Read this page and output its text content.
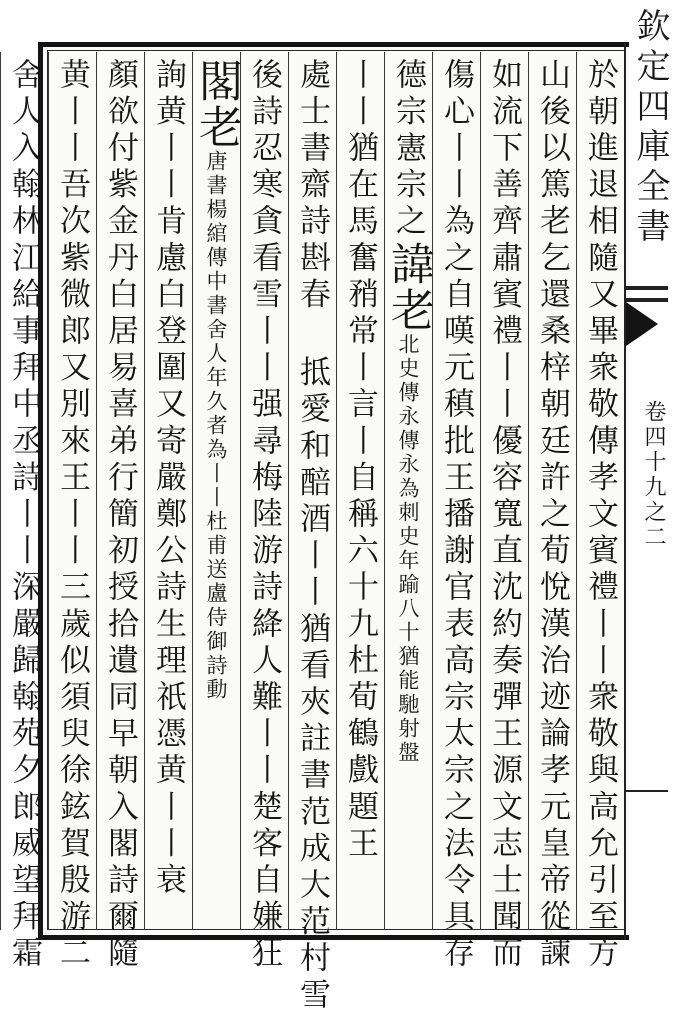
欽定四庫全書
卷四十九之二
於朝進退相隨又畢衆敬傳孝文賓禮丨丨衆敬與高允引至方
山後以篤老乞還桑梓朝廷許之荀悅漢治迹論孝元皇帝從諫
如流下善齊肅賓禮丨丨優容寬直沈約奏彈王源文志士聞而
傷心丨丨為之自嘆元稹批王播謝官表高宗太宗之法令具存
德宗憲宗之諱老北史傳永傳永為刺史年踰八十猶能馳射盤
丨丨猶在馬奮矟常丨言丨自稱六十九杜荀鶴戲題王
處士書齋詩斟春 抵愛和醅酒丨丨猶看夾註書范成大范村雪
後詩忍寒貪看雪丨丨强尋梅陸游詩絳人難丨丨楚客自嫌狂
閣老唐書楊綰傳中書舍人年久者為丨丨杜甫送盧侍御詩動
詢黄丨丨肯慮白登圍又寄嚴鄭公詩生理祇憑黄丨丨衰
顏欲付紫金丹白居易喜弟行簡初授拾遺同早朝入閣詩爾隨
黄丨丨吾次紫微郎又別來王丨丨三歲似須臾徐鉉賀殷游二
舍人入翰林江給事拜中丞詩丨丨深嚴歸翰苑夕郎威望拜霜
